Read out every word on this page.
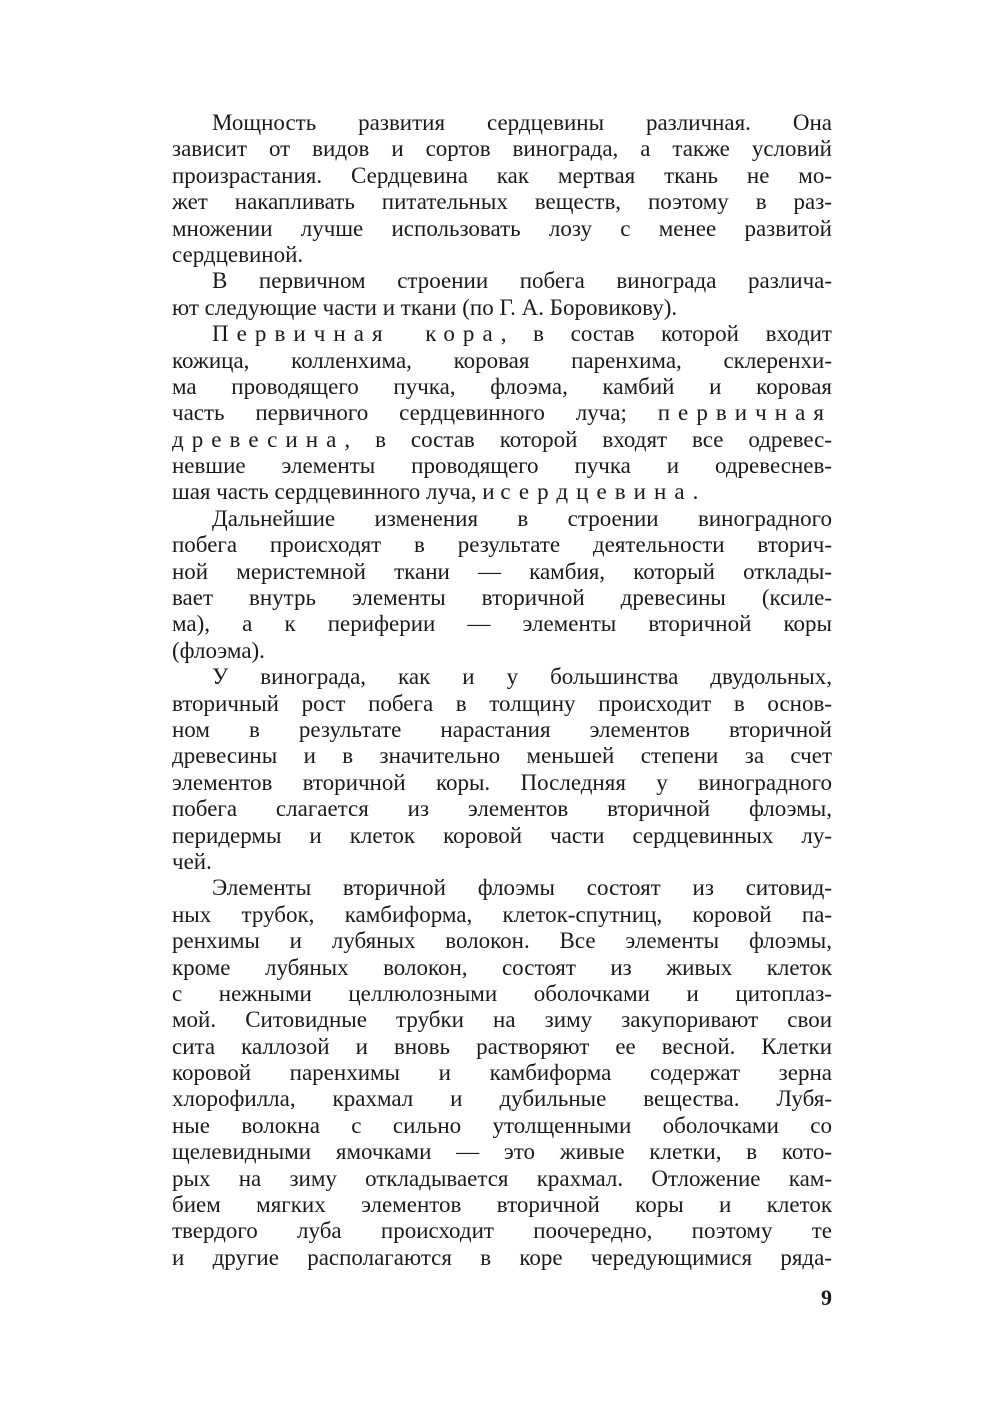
Мощность развития сердцевины различная. Она
зависит от видов и сортов винограда, а также условий
произрастания. Сердцевина как мертвая ткань не мо-
жет накапливать питательных веществ, поэтому в раз-
множении лучше использовать лозу с менее развитой
сердцевиной.
В первичном строении побега винограда различа-
ют следующие части и ткани (по Г. А. Боровикову).
Первичная кора, в состав которой входит
кожица, колленхима, коровая паренхима, склеренхи-
ма проводящего пучка, флоэма, камбий и коровая
часть первичного сердцевинного луча; первичная
древесина, в состав которой входят все одревес-
невшие элементы проводящего пучка и одревеснев-
шая часть сердцевинного луча, и сердцевина.
Дальнейшие изменения в строении виноградного
побега происходят в результате деятельности вторич-
ной меристемной ткани — камбия, который отклады-
вает внутрь элементы вторичной древесины (ксиле-
ма), а к периферии — элементы вторичной коры
(флоэма).
У винограда, как и у большинства двудольных,
вторичный рост побега в толщину происходит в основ-
ном в результате нарастания элементов вторичной
древесины и в значительно меньшей степени за счет
элементов вторичной коры. Последняя у виноградного
побега слагается из элементов вторичной флоэмы,
перидермы и клеток коровой части сердцевинных лу-
чей.
Элементы вторичной флоэмы состоят из ситовид-
ных трубок, камбиформа, клеток-спутниц, коровой па-
ренхимы и лубяных волокон. Все элементы флоэмы,
кроме лубяных волокон, состоят из живых клеток
с нежными целлюлозными оболочками и цитоплаз-
мой. Ситовидные трубки на зиму закупоривают свои
сита каллозой и вновь растворяют ее весной. Клетки
коровой паренхимы и камбиформа содержат зерна
хлорофилла, крахмал и дубильные вещества. Лубя-
ные волокна с сильно утолщенными оболочками со
щелевидными ямочками — это живые клетки, в кото-
рых на зиму откладывается крахмал. Отложение кам-
бием мягких элементов вторичной коры и клеток
твердого луба происходит поочередно, поэтому те
и другие располагаются в коре чередующимися ряда-
9
